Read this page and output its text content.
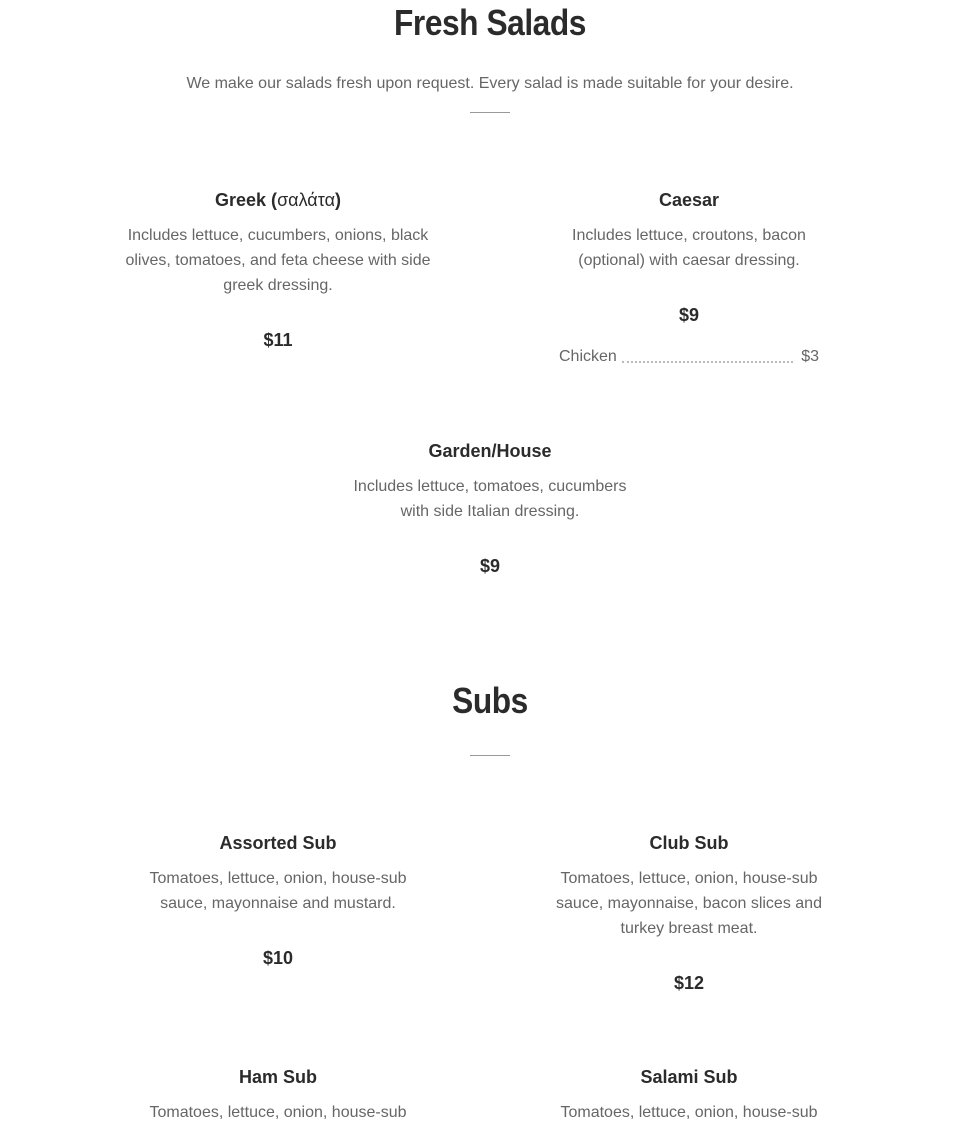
Fresh Salads

We make our salads fresh upon request. Every salad is made suitable for your desire.

Greek (σαλάτα)

Includes lettuce, cucumbers, onions, black olives, tomatoes, and feta cheese with side greek dressing.

$11

Caesar

Includes lettuce, croutons, bacon (optional) with caesar dressing.

$9

Chicken	$3

Garden/House

Includes lettuce, tomatoes, cucumbers with side Italian dressing.

$9

Subs

Assorted Sub

Tomatoes, lettuce, onion, house-sub sauce, mayonnaise and mustard.

$10

Club Sub

Tomatoes, lettuce, onion, house-sub sauce, mayonnaise, bacon slices and turkey breast meat.

$12

Ham Sub

Tomatoes, lettuce, onion, house-sub

Salami Sub

Tomatoes, lettuce, onion, house-sub
